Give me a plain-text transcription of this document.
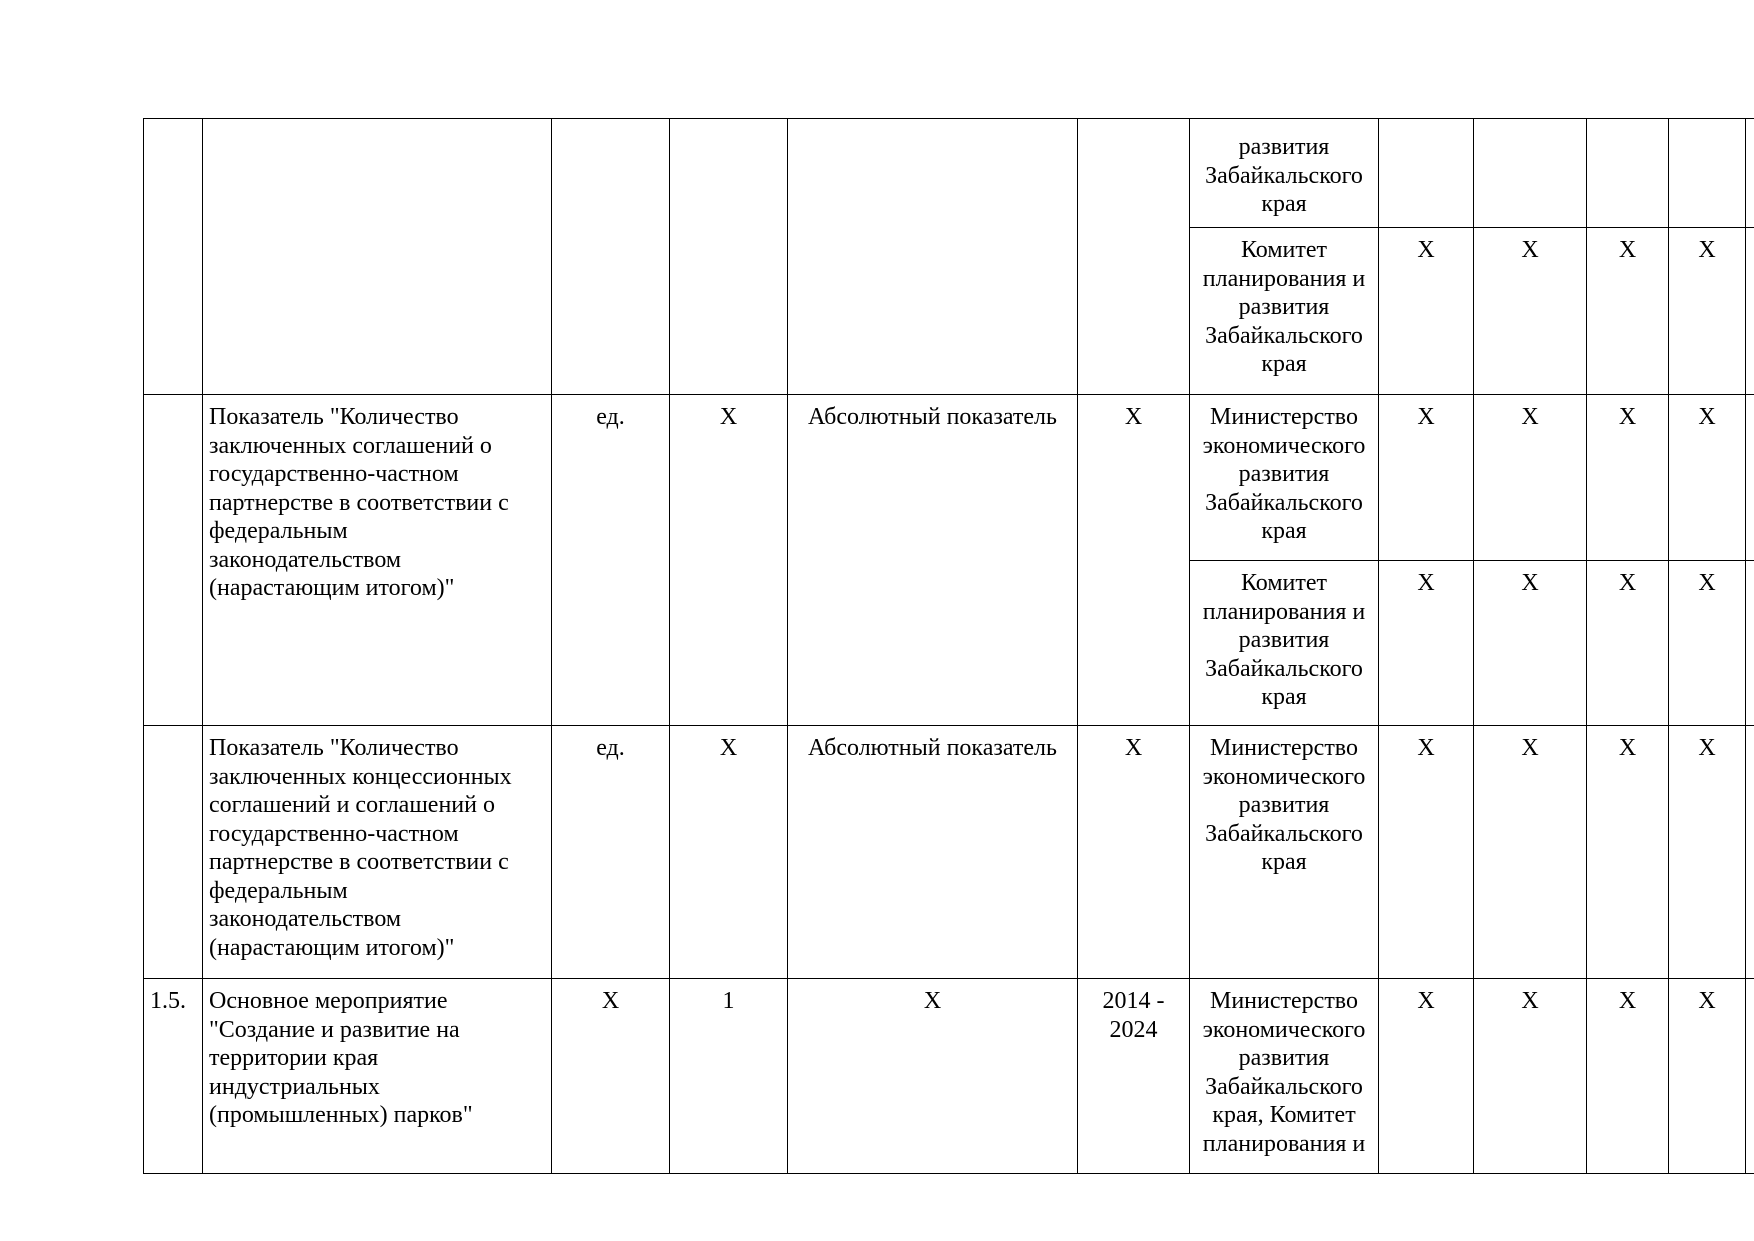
						развития Забайкальского края					
						Комитет планирования и развития Забайкальского края	X	X	X	X	
	Показатель "Количество заключенных соглашений о государственно-частном партнерстве в соответствии с федеральным законодательством (нарастающим итогом)"	ед.	X	Абсолютный показатель	X	Министерство экономического развития Забайкальского края	X	X	X	X	
						Комитет планирования и развития Забайкальского края	X	X	X	X	
	Показатель "Количество заключенных концессионных соглашений и соглашений о государственно-частном партнерстве в соответствии с федеральным законодательством (нарастающим итогом)"	ед.	X	Абсолютный показатель	X	Министерство экономического развития Забайкальского края	X	X	X	X	
1.5.	Основное мероприятие "Создание и развитие на территории края индустриальных (промышленных) парков"	X	1	X	2014 - 2024	Министерство экономического развития Забайкальского края, Комитет планирования и	X	X	X	X	
